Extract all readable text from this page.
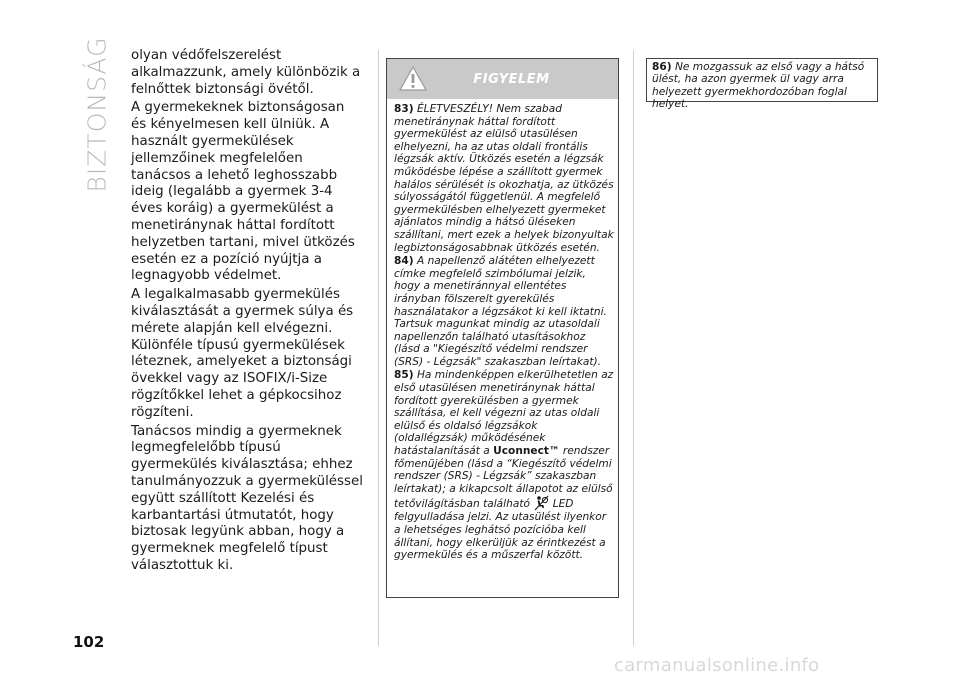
BIZTONSÁG olyan védőfelszerelést alkalmazzunk, amely különbözik a felnőttek biztonsági övétől.

A gyermekeknek biztonságosan és kényelmesen kell ülniük. A használt gyermekülések jellemzőinek megfelelően tanácsos a lehető leghosszabb ideig (legalább a gyermek 3-4 éves koráig) a gyermekülést a menetiránynak háttal fordított helyzetben tartani, mivel ütközés esetén ez a pozíció nyújtja a legnagyobb védelmet.

A legalkalmasabb gyermekülés kiválasztását a gyermek súlya és mérete alapján kell elvégezni. Különféle típusú gyermekülések léteznek, amelyeket a biztonsági övekkel vagy az ISOFIX/i-Size rögzítőkkel lehet a gépkocsihoz rögzíteni.

Tanácsos mindig a gyermeknek legmegfelelőbb típusú gyermekülés kiválasztása; ehhez tanulmányozzuk a gyermeküléssel együtt szállított Kezelési és karbantartási útmutatót, hogy biztosak legyünk abban, hogy a gyermeknek megfelelő típust választottuk ki.

102
FIGYELEM

83) ÉLETVESZÉLY! Nem szabad menetiránynak háttal fordított gyermekülést az elülső utasülésen elhelyezni, ha az utas oldali frontális légzsák aktív. Ütközés esetén a légzsák működésbe lépése a szállított gyermek halálos sérülését is okozhatja, az ütközés súlyosságától függetlenül. A megfelelő gyermekülésben elhelyezett gyermeket ajánlatos mindig a hátsó üléseken szállítani, mert ezek a helyek bizonyultak legbiztonságosabbnak ütközés esetén.

84) A napellenző alátéten elhelyezett címke megfelelő szimbólumai jelzik, hogy a menetiránnyal ellentétes irányban fölszerelt gyerekülés használatakor a légzsákot ki kell iktatni. Tartsuk magunkat mindig az utasoldali napellenzőn található utasításokhoz (lásd a "Kiegészítő védelmi rendszer (SRS) - Légzsák" szakaszban leírtakat).

85) Ha mindenképpen elkerülhetetlen az első utasülésen menetiránynak háttal fordított gyerekülésben a gyermek szállítása, el kell végezni az utas oldali elülső és oldalsó légzsákok (oldallégzsák) működésének hatástalanítását a Uconnect™ rendszer főmenüjében (lásd a “Kiegészítő védelmi rendszer (SRS) - Légzsák” szakaszban leírtakat); a kikapcsolt állapotot az elülső tetővilágításban található LED felgyulladása jelzi. Az utasülést ilyenkor a lehetséges leghátsó pozícióba kell állítani, hogy elkerüljük az érintkezést a gyermekülés és a műszerfal között.

86) Ne mozgassuk az első vagy a hátsó ülést, ha azon gyermek ül vagy arra helyezett gyermekhordozóban foglal helyet.

carmanualsonline.info
